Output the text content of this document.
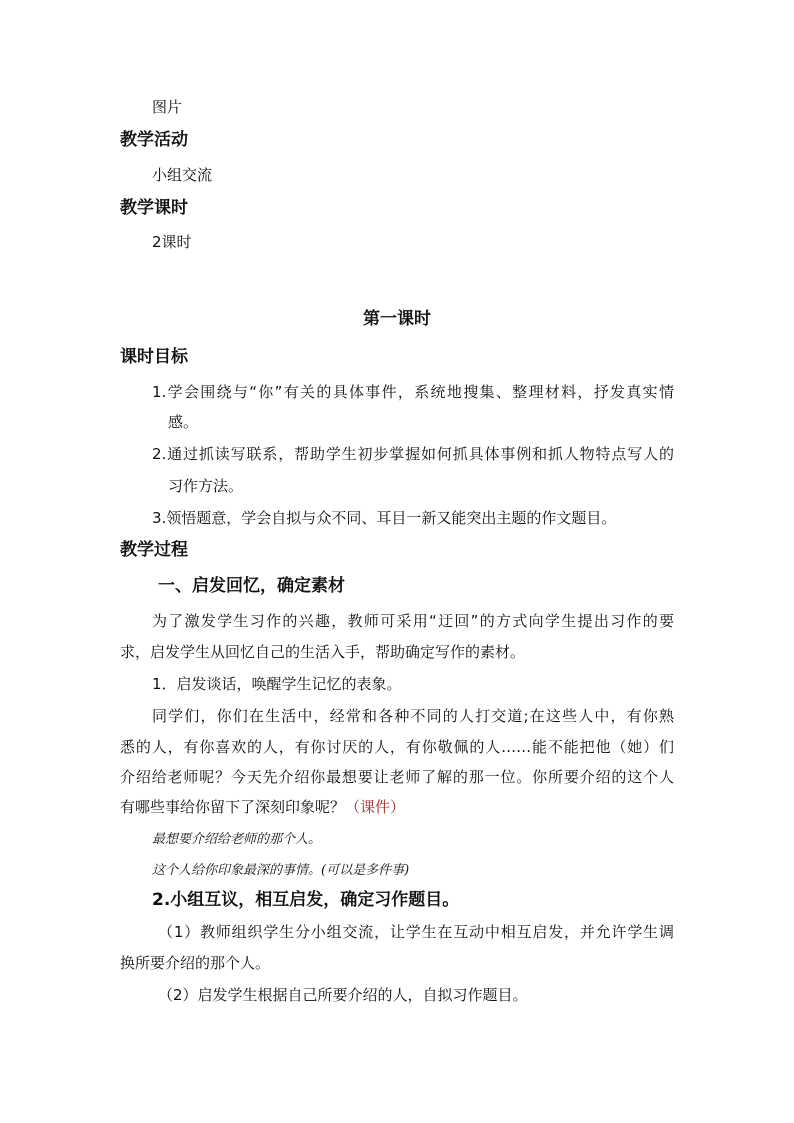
图片
教学活动
小组交流
教学课时
2课时
第一课时
课时目标
1.学会围绕与“你”有关的具体事件，系统地搜集、整理材料，抒发真实情
感。
2.通过抓读写联系，帮助学生初步掌握如何抓具体事例和抓人物特点写人的
习作方法。
3.领悟题意，学会自拟与众不同、耳目一新又能突出主题的作文题目。
教学过程
一、启发回忆，确定素材
为了激发学生习作的兴趣，教师可采用“迂回”的方式向学生提出习作的要
求，启发学生从回忆自己的生活入手，帮助确定写作的素材。
1．启发谈话，唤醒学生记忆的表象。
同学们，你们在生活中，经常和各种不同的人打交道;在这些人中，有你熟
悉的人，有你喜欢的人，有你讨厌的人，有你敬佩的人……能不能把他（她）们
介绍给老师呢？今天先介绍你最想要让老师了解的那一位。你所要介绍的这个人
有哪些事给你留下了深刻印象呢？（课件）
最想要介绍给老师的那个人。
这个人给你印象最深的事情。(可以是多件事)
2.小组互议，相互启发，确定习作题目。
（1）教师组织学生分小组交流，让学生在互动中相互启发，并允许学生调
换所要介绍的那个人。
（2）启发学生根据自己所要介绍的人，自拟习作题目。
